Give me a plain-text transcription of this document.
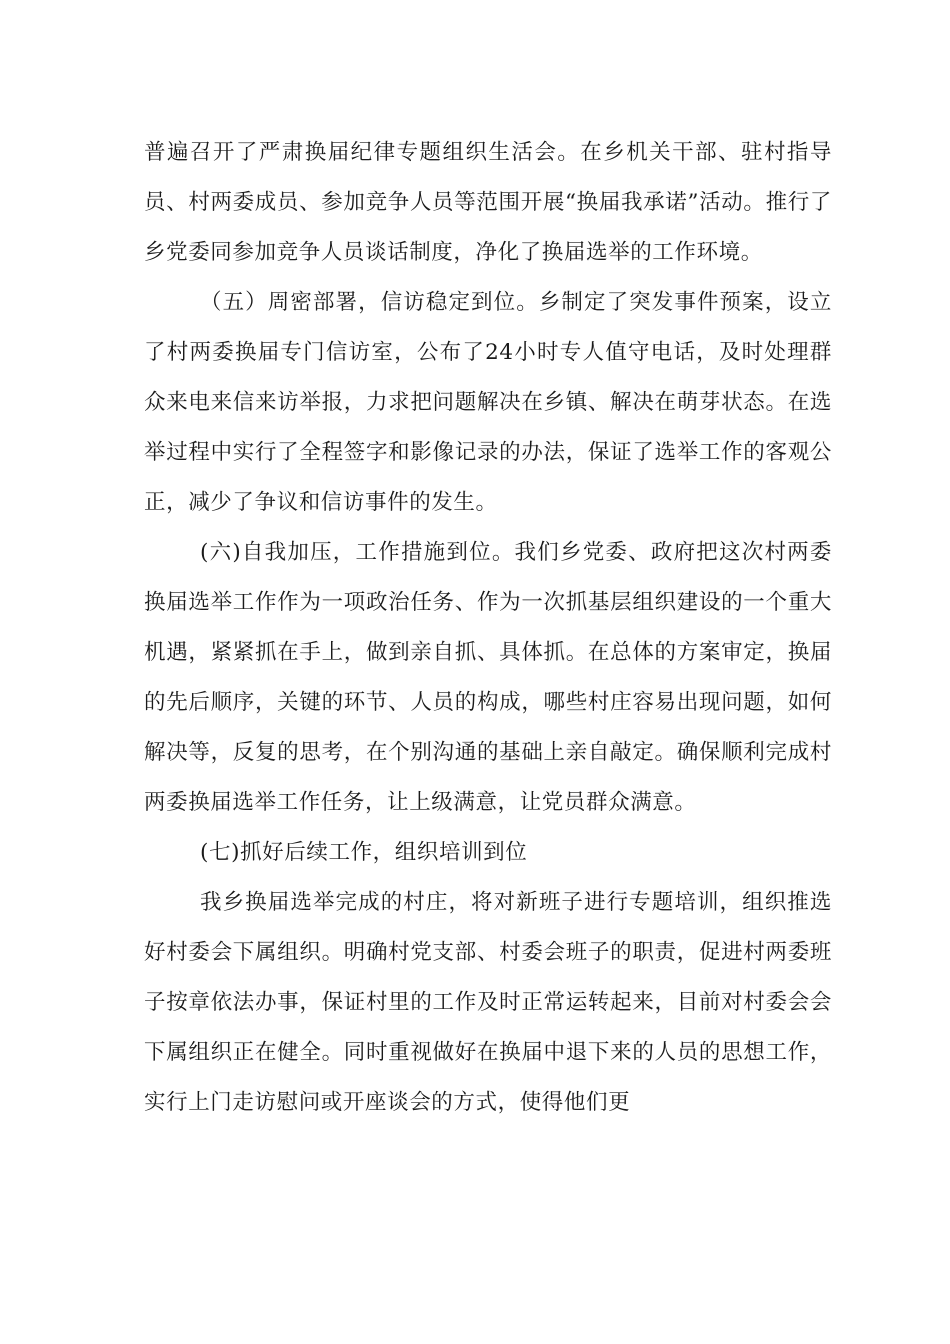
普遍召开了严肃换届纪律专题组织生活会。在乡机关干部、驻村指导员、村两委成员、参加竞争人员等范围开展“换届我承诺”活动。推行了乡党委同参加竞争人员谈话制度，净化了换届选举的工作环境。

（五）周密部署，信访稳定到位。乡制定了突发事件预案，设立了村两委换届专门信访室，公布了24小时专人值守电话，及时处理群众来电来信来访举报，力求把问题解决在乡镇、解决在萌芽状态。在选举过程中实行了全程签字和影像记录的办法，保证了选举工作的客观公正，减少了争议和信访事件的发生。

(六)自我加压，工作措施到位。我们乡党委、政府把这次村两委换届选举工作作为一项政治任务、作为一次抓基层组织建设的一个重大机遇，紧紧抓在手上，做到亲自抓、具体抓。在总体的方案审定，换届的先后顺序，关键的环节、人员的构成，哪些村庄容易出现问题，如何解决等，反复的思考，在个别沟通的基础上亲自敲定。确保顺利完成村两委换届选举工作任务，让上级满意，让党员群众满意。

(七)抓好后续工作，组织培训到位

我乡换届选举完成的村庄，将对新班子进行专题培训，组织推选好村委会下属组织。明确村党支部、村委会班子的职责，促进村两委班子按章依法办事，保证村里的工作及时正常运转起来，目前对村委会会下属组织正在健全。同时重视做好在换届中退下来的人员的思想工作，实行上门走访慰问或开座谈会的方式，使得他们更
